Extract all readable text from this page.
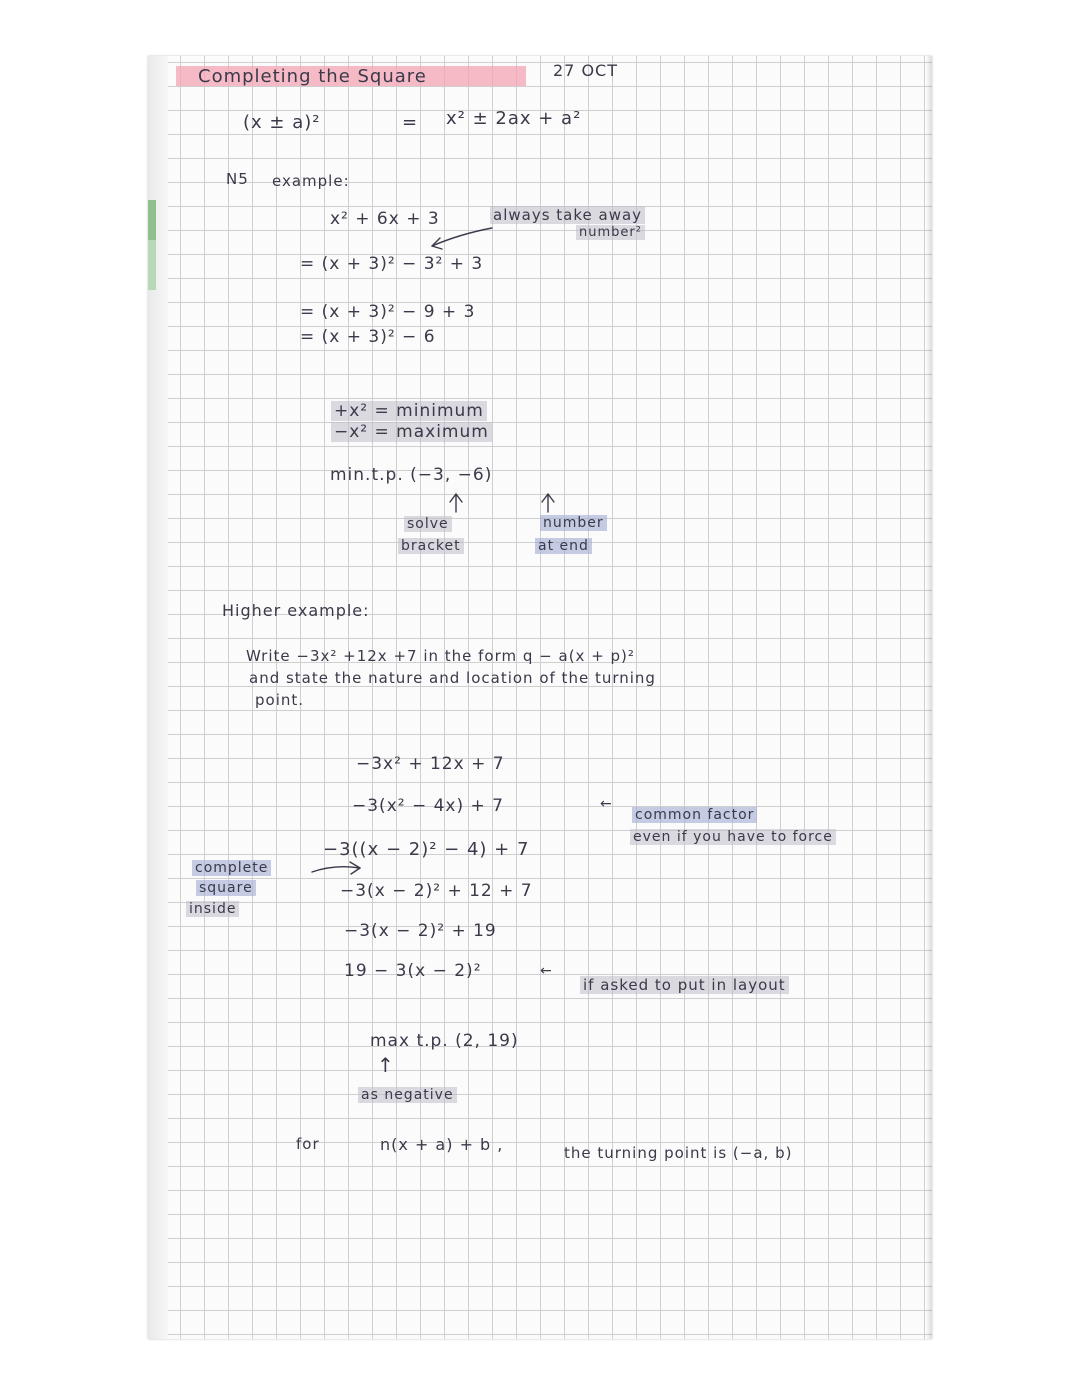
Completing the Square	27 OCT
(x ± a)²	= x² ± 2ax + a²
N5 example:
x² + 6x + 3	always take away
number²
= (x + 3)² − 3² + 3
= (x + 3)² − 9 + 3
= (x + 3)² − 6
+x² = minimum
−x² = maximum
min.t.p. (−3, −6)
solve
bracket
number
at end
Higher example:
Write −3x² +12x +7 in the form q − a(x + p)²
and state the nature and location of the turning
point.
−3x² + 12x + 7
−3(x² − 4x) + 7	←
common factor
even if you have to force
−3((x − 2)² − 4) + 7
complete
square
inside
−3(x − 2)² + 12 + 7
−3(x − 2)² + 19
19 − 3(x − 2)²	←
if asked to put in layout
max t.p. (2, 19)
↑
as negative
for	n(x + a) + b ,	the turning point is (−a, b)
